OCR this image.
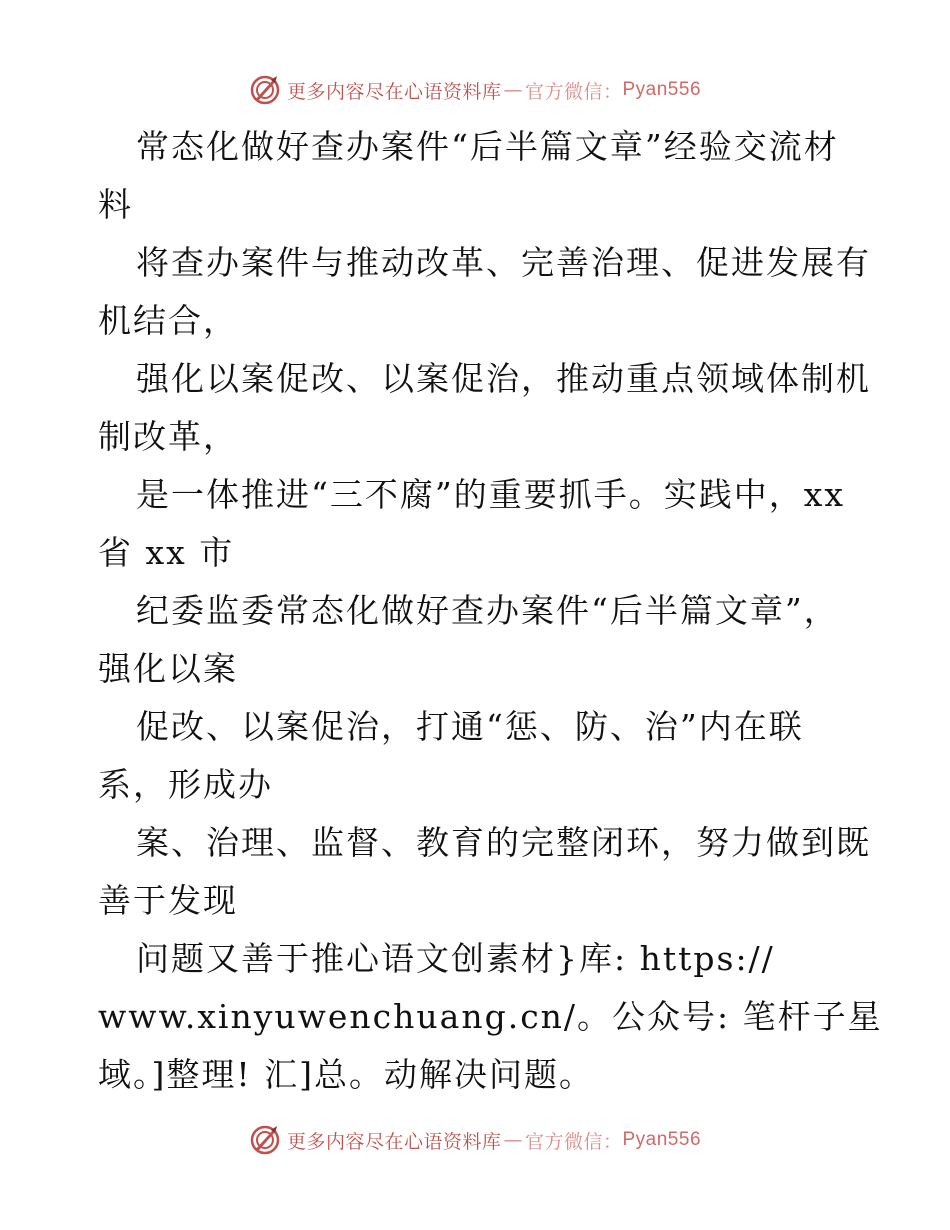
更多内容尽在心语资料库 — 官方微信： Pyan556
常态化做好查办案件“后半篇文章”经验交流材
料
将查办案件与推动改革、完善治理、促进发展有
机结合，
强化以案促改、以案促治，推动重点领域体制机
制改革，
是一体推进“三不腐”的重要抓手。实践中，xx
省 xx 市
纪委监委常态化做好查办案件“后半篇文章”，
强化以案
促改、以案促治，打通“惩、防、治”内在联
系，形成办
案、治理、监督、教育的完整闭环，努力做到既
善于发现
问题又善于推心语文创素材}库: https://
www.xinyuwenchuang.cn/。公众号: 笔杆子星
域。]整理! 汇]总。动解决问题。
更多内容尽在心语资料库 — 官方微信： Pyan556
